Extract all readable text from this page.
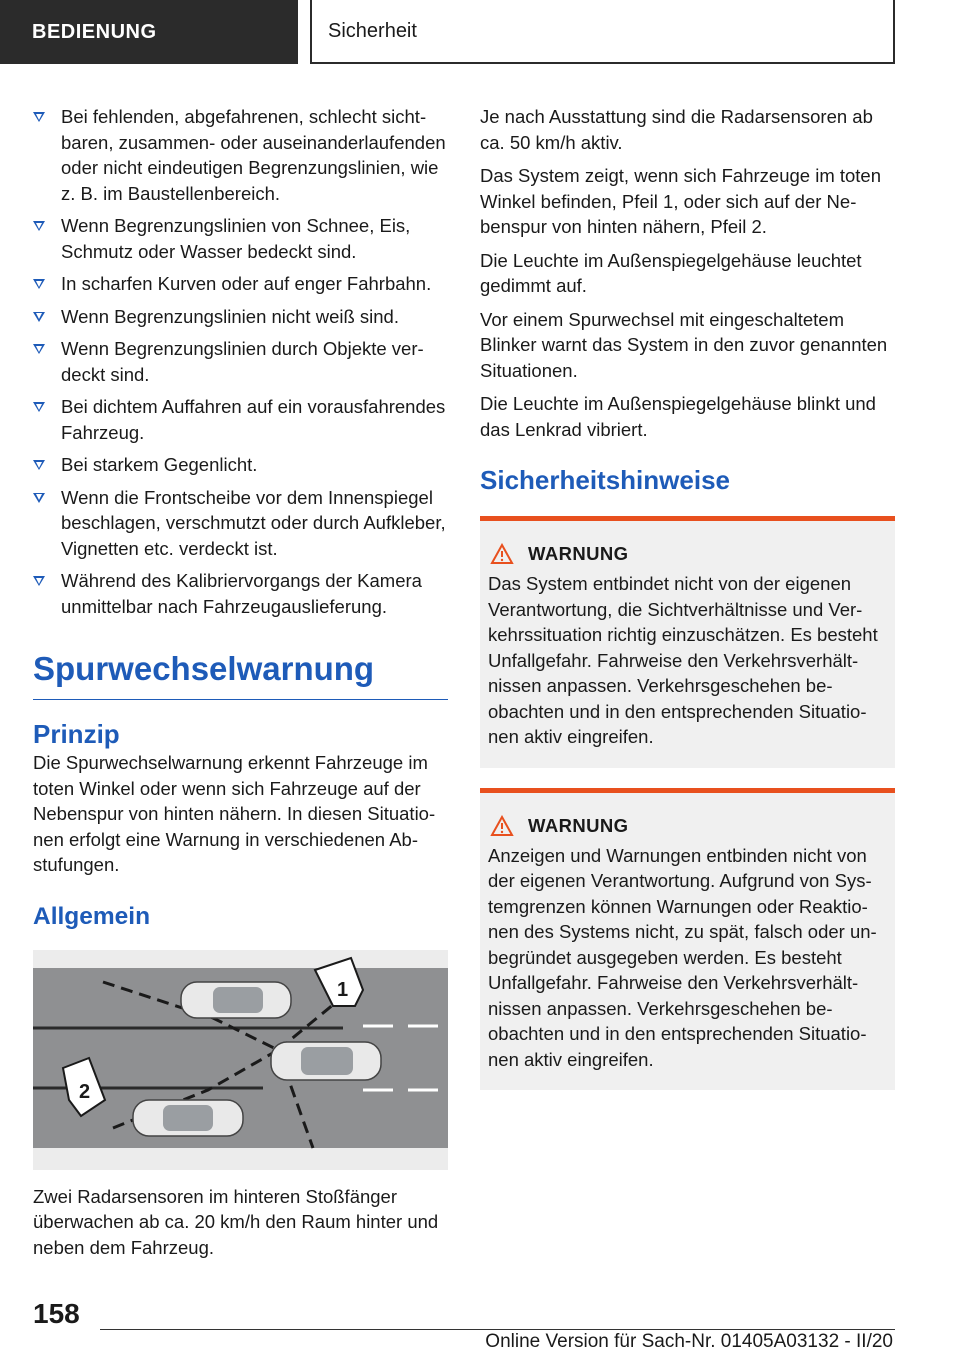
BEDIENUNG	Sicherheit
Bei fehlenden, abgefahrenen, schlecht sichtbaren, zusammen- oder auseinanderlaufenden oder nicht eindeutigen Begrenzungslinien, wie z. B. im Baustellenbereich.
Wenn Begrenzungslinien von Schnee, Eis, Schmutz oder Wasser bedeckt sind.
In scharfen Kurven oder auf enger Fahrbahn.
Wenn Begrenzungslinien nicht weiß sind.
Wenn Begrenzungslinien durch Objekte verdeckt sind.
Bei dichtem Auffahren auf ein vorausfahrendes Fahrzeug.
Bei starkem Gegenlicht.
Wenn die Frontscheibe vor dem Innenspiegel beschlagen, verschmutzt oder durch Aufkleber, Vignetten etc. verdeckt ist.
Während des Kalibriervorgangs der Kamera unmittelbar nach Fahrzeugauslieferung.
Spurwechselwarnung
Prinzip

Die Spurwechselwarnung erkennt Fahrzeuge im toten Winkel oder wenn sich Fahrzeuge auf der Nebenspur von hinten nähern. In diesen Situationen erfolgt eine Warnung in verschiedenen Abstufungen.

Allgemein
1
2

Zwei Radarsensoren im hinteren Stoßfänger überwachen ab ca. 20 km/h den Raum hinter und neben dem Fahrzeug.

Je nach Ausstattung sind die Radarsensoren ab ca. 50 km/h aktiv.

Das System zeigt, wenn sich Fahrzeuge im toten Winkel befinden, Pfeil 1, oder sich auf der Nebenspur von hinten nähern, Pfeil 2.

Die Leuchte im Außenspiegelgehäuse leuchtet gedimmt auf.

Vor einem Spurwechsel mit eingeschaltetem Blinker warnt das System in den zuvor genannten Situationen.

Die Leuchte im Außenspiegelgehäuse blinkt und das Lenkrad vibriert.

Sicherheitshinweise
WARNUNG
Das System entbindet nicht von der eigenen Verantwortung, die Sichtverhältnisse und Verkehrssituation richtig einzuschätzen. Es besteht Unfallgefahr. Fahrweise den Verkehrsverhältnissen anpassen. Verkehrsgeschehen beobachten und in den entsprechenden Situationen aktiv eingreifen.
WARNUNG
Anzeigen und Warnungen entbinden nicht von der eigenen Verantwortung. Aufgrund von Systemgrenzen können Warnungen oder Reaktionen des Systems nicht, zu spät, falsch oder unbegründet ausgegeben werden. Es besteht Unfallgefahr. Fahrweise den Verkehrsverhältnissen anpassen. Verkehrsgeschehen beobachten und in den entsprechenden Situationen aktiv eingreifen.
158
Online Version für Sach-Nr. 01405A03132 - II/20
